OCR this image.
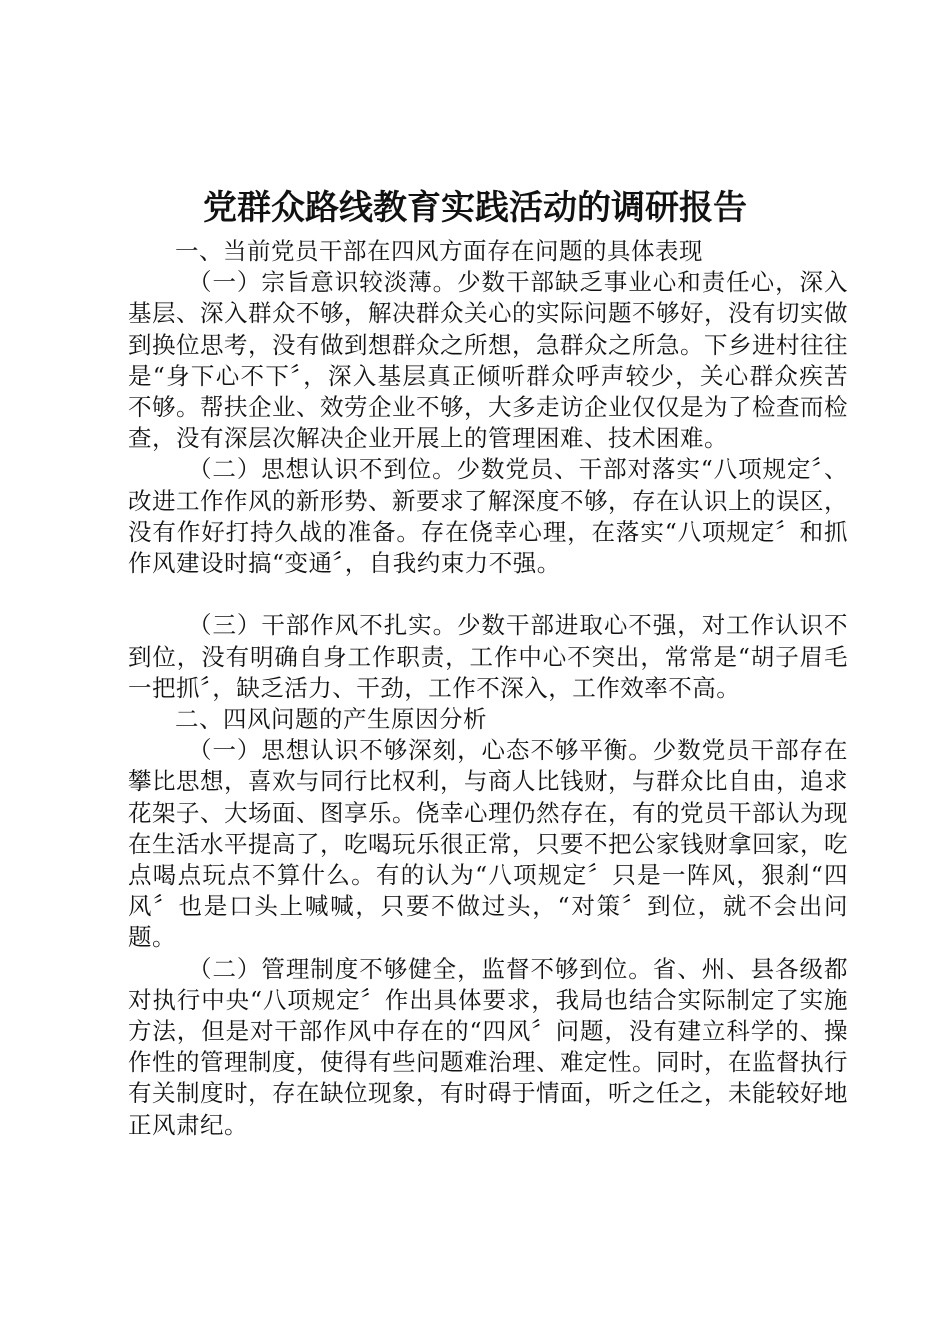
党群众路线教育实践活动的调研报告

一、当前党员干部在四风方面存在问题的具体表现

（一）宗旨意识较淡薄。少数干部缺乏事业心和责任心，深入基层、深入群众不够，解决群众关心的实际问题不够好，没有切实做到换位思考，没有做到想群众之所想，急群众之所急。下乡进村往往是“身下心不下〞，深入基层真正倾听群众呼声较少，关心群众疾苦不够。帮扶企业、效劳企业不够，大多走访企业仅仅是为了检查而检查，没有深层次解决企业开展上的管理困难、技术困难。

（二）思想认识不到位。少数党员、干部对落实“八项规定〞、改进工作作风的新形势、新要求了解深度不够，存在认识上的误区，没有作好打持久战的准备。存在侥幸心理，在落实“八项规定〞和抓作风建设时搞“变通〞，自我约束力不强。

（三）干部作风不扎实。少数干部进取心不强，对工作认识不到位，没有明确自身工作职责，工作中心不突出，常常是“胡子眉毛一把抓〞，缺乏活力、干劲，工作不深入，工作效率不高。

二、四风问题的产生原因分析

（一）思想认识不够深刻，心态不够平衡。少数党员干部存在攀比思想，喜欢与同行比权利，与商人比钱财，与群众比自由，追求花架子、大场面、图享乐。侥幸心理仍然存在，有的党员干部认为现在生活水平提高了，吃喝玩乐很正常，只要不把公家钱财拿回家，吃点喝点玩点不算什么。有的认为“八项规定〞只是一阵风，狠刹“四风〞也是口头上喊喊，只要不做过头，“对策〞到位，就不会出问题。

（二）管理制度不够健全，监督不够到位。省、州、县各级都对执行中央“八项规定〞作出具体要求，我局也结合实际制定了实施方法，但是对干部作风中存在的“四风〞问题，没有建立科学的、操作性的管理制度，使得有些问题难治理、难定性。同时，在监督执行有关制度时，存在缺位现象，有时碍于情面，听之任之，未能较好地正风肃纪。
